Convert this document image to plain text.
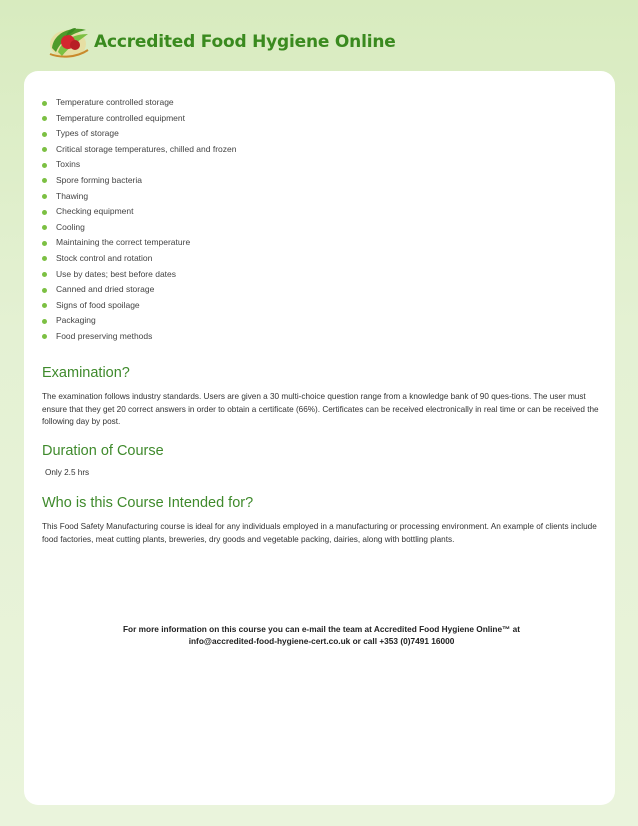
Accredited Food Hygiene Online
Temperature controlled storage
Temperature controlled equipment
Types of storage
Critical storage temperatures, chilled and frozen
Toxins
Spore forming bacteria
Thawing
Checking equipment
Cooling
Maintaining the correct temperature
Stock control and rotation
Use by dates; best before dates
Canned and dried storage
Signs of food spoilage
Packaging
Food preserving methods
Examination?

The examination follows industry standards. Users are given a 30 multi-choice question range from a knowledge bank of 90 ques-tions. The user must ensure that they get 20 correct answers in order to obtain a certificate (66%). Certificates can be received electronically in real time or can be received the following day by post.

Duration of Course

Only 2.5 hrs

Who is this Course Intended for?

This Food Safety Manufacturing course is ideal for any individuals employed in a manufacturing or processing environment. An example of clients include food factories, meat cutting plants, breweries, dry goods and vegetable packing, dairies, along with bottling plants.

For more information on this course you can e-mail the team at Accredited Food Hygiene Online™ at
info@accredited-food-hygiene-cert.co.uk or call +353 (0)7491 16000
